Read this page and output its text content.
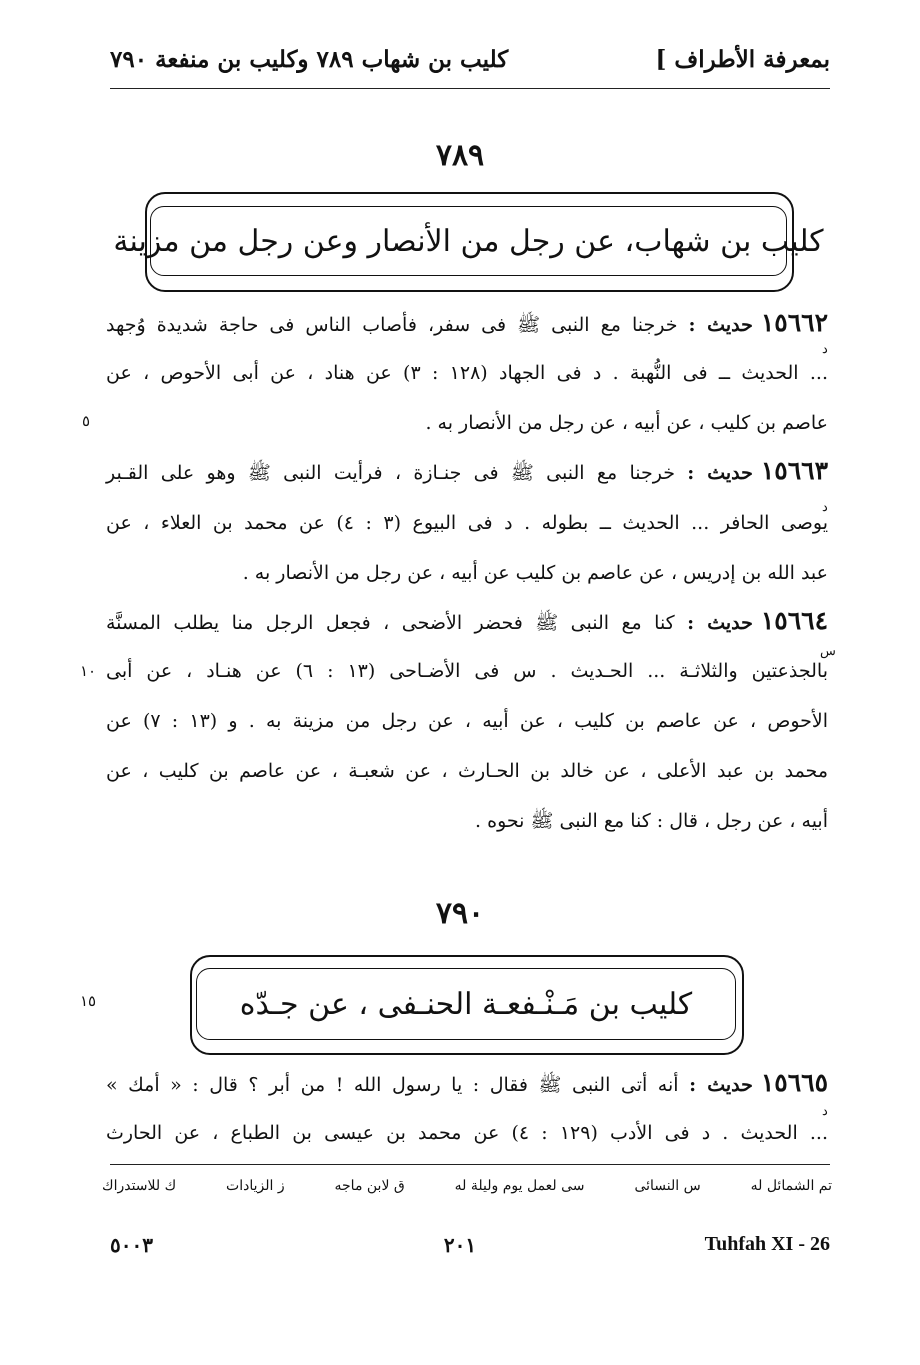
بمعرفة الأطراف ]
كليب بن شهاب ٧٨٩ وكليب بن منفعة ٧٩٠
٧٨٩
كليب بن شهاب، عن رجل من الأنصار وعن رجل من مزينة
١٥٦٦٢حديث : خرجنا مع النبى ﷺ فى سفر، فأصاب الناس فى حاجة شديدة وُجهد
د
... الحديث ــ فى النُّهبة . د فى الجهاد (١٢٨ : ٣) عن هناد ، عن أبى الأحوص ، عن
عاصم بن كليب ، عن أبيه ، عن رجل من الأنصار به .
٥
١٥٦٦٣حديث : خرجنا مع النبى ﷺ فى جنـازة ، فرأيت النبى ﷺ وهو على القـبر
د
يوصى الحافر ... الحديث ــ بطوله . د فى البيوع (٣ : ٤) عن محمد بن العلاء ، عن
عبد الله بن إدريس ، عن عاصم بن كليب عن أبيه ، عن رجل من الأنصار به .
١٥٦٦٤حديث : كنا مع النبى ﷺ فحضر الأضحى ، فجعل الرجل منا يطلب المسنَّة
س
بالجذعتين والثلاثـة ... الحـديث . س فى الأضـاحى (١٣ : ٦) عن هنـاد ، عن أبى
١٠
الأحوص ، عن عاصم بن كليب ، عن أبيه ، عن رجل من مزينة به . و (١٣ : ٧) عن
محمد بن عبد الأعلى ، عن خالد بن الحـارث ، عن شعبـة ، عن عاصم بن كليب ، عن
أبيه ، عن رجل ، قال : كنا مع النبى ﷺ نحوه .
٧٩٠
كليب بن مَـنْـفعـة الحنـفى ، عن جـدّه
١٥
١٥٦٦٥حديث : أنه أتى النبى ﷺ فقال : يا رسول الله ! من أبر ؟ قال : « أمك »
د
... الحديث . د فى الأدب (١٢٩ : ٤) عن محمد بن عيسى بن الطباع ، عن الحارث
تم الشمائل له
س النسائى
سى لعمل يوم وليلة له
ق لابن ماجه
ز الزيادات
ك للاستدراك
٥٠٠٣	٢٠١	Tuhfah XI - 26
